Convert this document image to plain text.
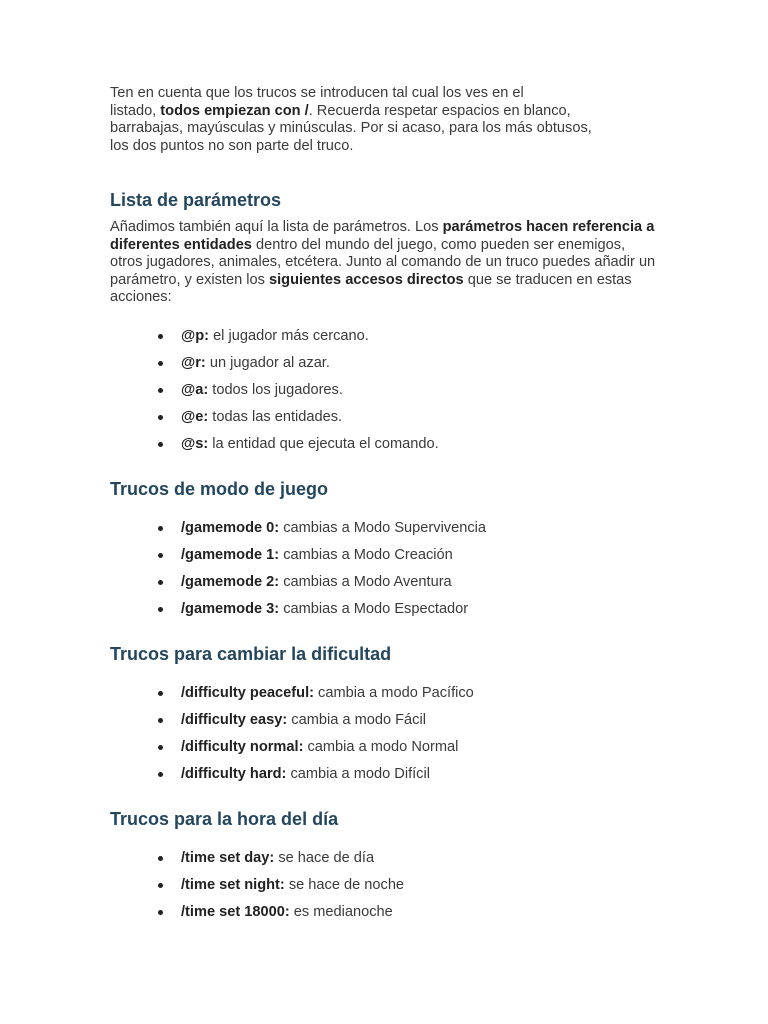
Ten en cuenta que los trucos se introducen tal cual los ves en el
listado, todos empiezan con /. Recuerda respetar espacios en blanco,
barrabajas, mayúsculas y minúsculas. Por si acaso, para los más obtusos,
los dos puntos no son parte del truco.

Lista de parámetros

Añadimos también aquí la lista de parámetros. Los parámetros hacen referencia a diferentes entidades dentro del mundo del juego, como pueden ser enemigos, otros jugadores, animales, etcétera. Junto al comando de un truco puedes añadir un parámetro, y existen los siguientes accesos directos que se traducen en estas acciones:

@p: el jugador más cercano.
@r: un jugador al azar.
@a: todos los jugadores.
@e: todas las entidades.
@s: la entidad que ejecuta el comando.
Trucos de modo de juego
/gamemode 0: cambias a Modo Supervivencia
/gamemode 1: cambias a Modo Creación
/gamemode 2: cambias a Modo Aventura
/gamemode 3: cambias a Modo Espectador
Trucos para cambiar la dificultad
/difficulty peaceful: cambia a modo Pacífico
/difficulty easy: cambia a modo Fácil
/difficulty normal: cambia a modo Normal
/difficulty hard: cambia a modo Difícil
Trucos para la hora del día
/time set day: se hace de día
/time set night: se hace de noche
/time set 18000: es medianoche
